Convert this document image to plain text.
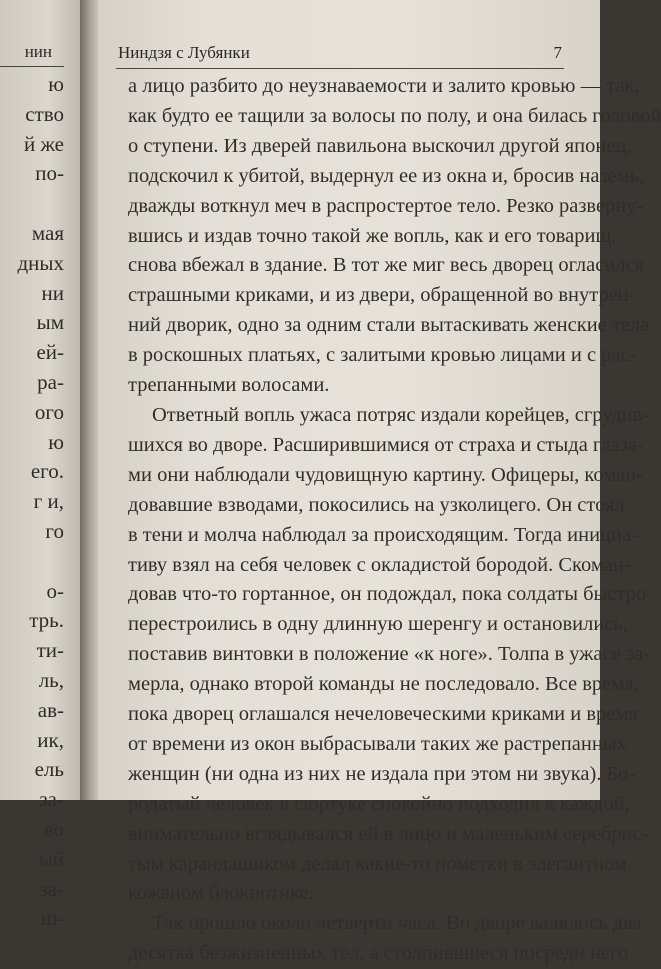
нин
ю
ство
й же
по-

мая
дных
ни
ым
ей-
ра-
ого
ю
его.
г и,
го

о-
трь.
ти-
ль,
ав-
ик,
ель
за-
во
ый
за-
ш-
Ниндзя с Лубянки	7
а лицо разбито до неузнаваемости и залито кровью — так,
как будто ее тащили за волосы по полу, и она билась головой
о ступени. Из дверей павильона выскочил другой японец,
подскочил к убитой, выдернул ее из окна и, бросив наземь,
дважды воткнул меч в распростертое тело. Резко разверну-
вшись и издав точно такой же вопль, как и его товарищ,
снова вбежал в здание. В тот же миг весь дворец огласился
страшными криками, и из двери, обращенной во внутрен-
ний дворик, одно за одним стали вытаскивать женские тела
в роскошных платьях, с залитыми кровью лицами и с рас-
трепанными волосами.
Ответный вопль ужаса потряс издали корейцев, сгрудив-
шихся во дворе. Расширившимися от страха и стыда глаза-
ми они наблюдали чудовищную картину. Офицеры, коман-
довавшие взводами, покосились на узколицего. Он стоял
в тени и молча наблюдал за происходящим. Тогда инициа-
тиву взял на себя человек с окладистой бородой. Скоман-
довав что-то гортанное, он подождал, пока солдаты быстро
перестроились в одну длинную шеренгу и остановились,
поставив винтовки в положение «к ноге». Толпа в ужасе за-
мерла, однако второй команды не последовало. Все время,
пока дворец оглашался нечеловеческими криками и время
от времени из окон выбрасывали таких же растрепанных
женщин (ни одна из них не издала при этом ни звука). Бо-
родатый человек в сюртуке спокойно подходил к каждой,
внимательно вглядывался ей в лицо и маленьким серебрис-
тым карандашиком делал какие-то пометки в элегантном
кожаном блокнотике.
Так прошло около четверти часа. Во дворе валялось два
десятка безжизненных тел, а столпившиеся посреди него
